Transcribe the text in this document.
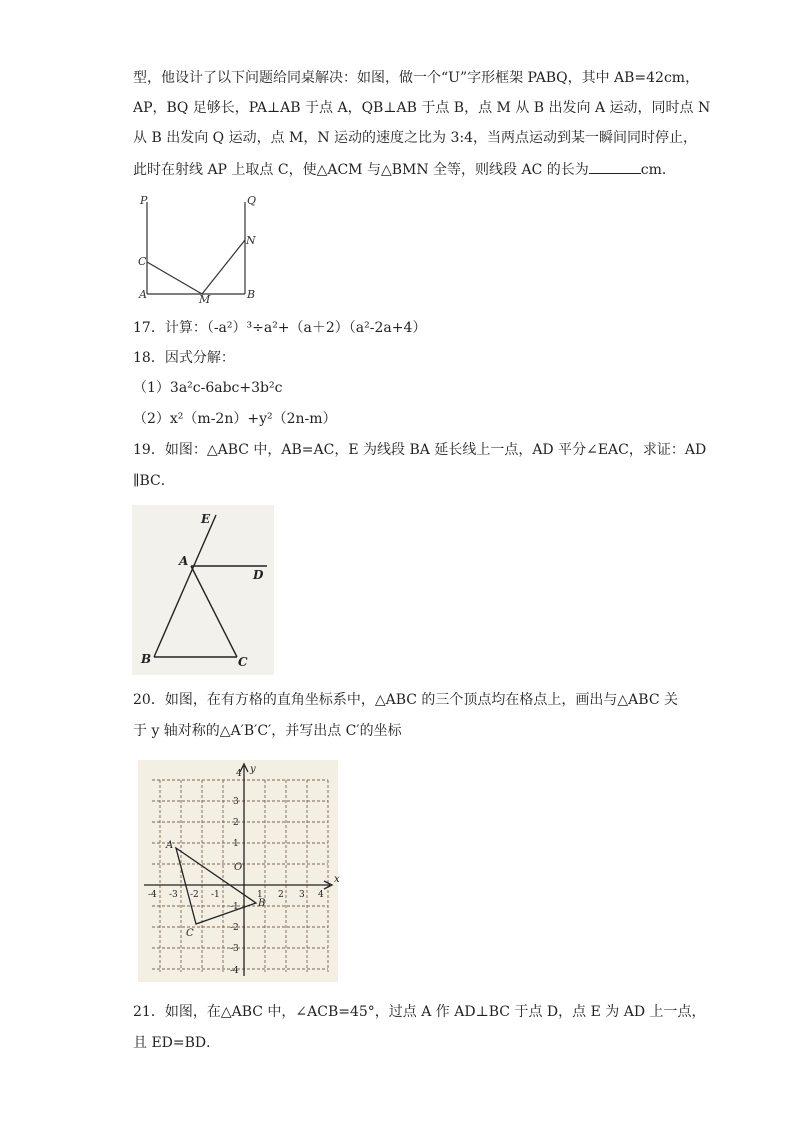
型，他设计了以下问题给同桌解决：如图，做一个“U”字形框架 PABQ，其中 AB=42cm，
AP，BQ 足够长，PA⊥AB 于点 A，QB⊥AB 于点 B，点 M 从 B 出发向 A 运动，同时点 N
从 B 出发向 Q 运动，点 M，N 运动的速度之比为 3:4，当两点运动到某一瞬间同时停止，
此时在射线 AP 上取点 C，使△ACM 与△BMN 全等，则线段 AC 的长为	cm．
P	Q
C
N
A	M	B
17．计算：（-a²）³÷a²+（a＋2）（a²-2a+4）
18．因式分解：
（1）3a²c-6abc+3b²c
（2）x²（m-2n）+y²（2n-m）
19．如图：△ABC 中，AB=AC，E 为线段 BA 延长线上一点，AD 平分∠EAC，求证：AD
∥BC．
E
A
D
B	C
20．如图，在有方格的直角坐标系中，△ABC 的三个顶点均在格点上，画出与△ABC 关
于 y 轴对称的△A′B′C′，并写出点 C′的坐标
x
y
O
A
B
C
-4 -3 -2 -1	1 2 3 4
4
3
2
1
-1
-2
-3
-4
21．如图，在△ABC 中，∠ACB=45°，过点 A 作 AD⊥BC 于点 D，点 E 为 AD 上一点，
且 ED=BD．
